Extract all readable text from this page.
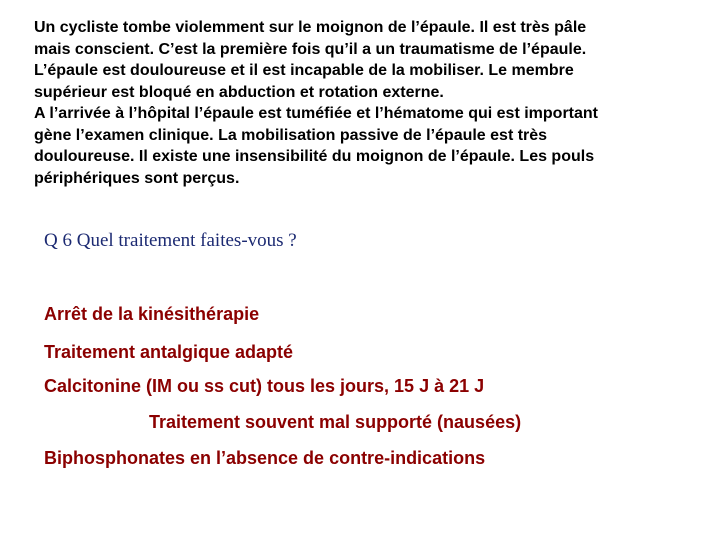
Un cycliste tombe violemment sur le moignon de l’épaule. Il est très pâle
mais conscient. C’est la première fois qu’il a un traumatisme de l’épaule.
L’épaule est douloureuse et il est incapable de la mobiliser. Le membre
supérieur est bloqué en abduction et rotation externe.
A l’arrivée à l’hôpital l’épaule est tuméfiée et l’hématome qui est important
gène l’examen clinique. La mobilisation passive de l’épaule est très
douloureuse. Il existe une insensibilité du moignon de l’épaule. Les pouls
périphériques sont perçus.
Q 6 Quel traitement faites-vous ?
Arrêt de la kinésithérapie
Traitement antalgique adapté
Calcitonine (IM ou ss cut) tous les jours, 15 J à 21 J
Traitement souvent mal supporté (nausées)
Biphosphonates en l’absence de contre-indications
